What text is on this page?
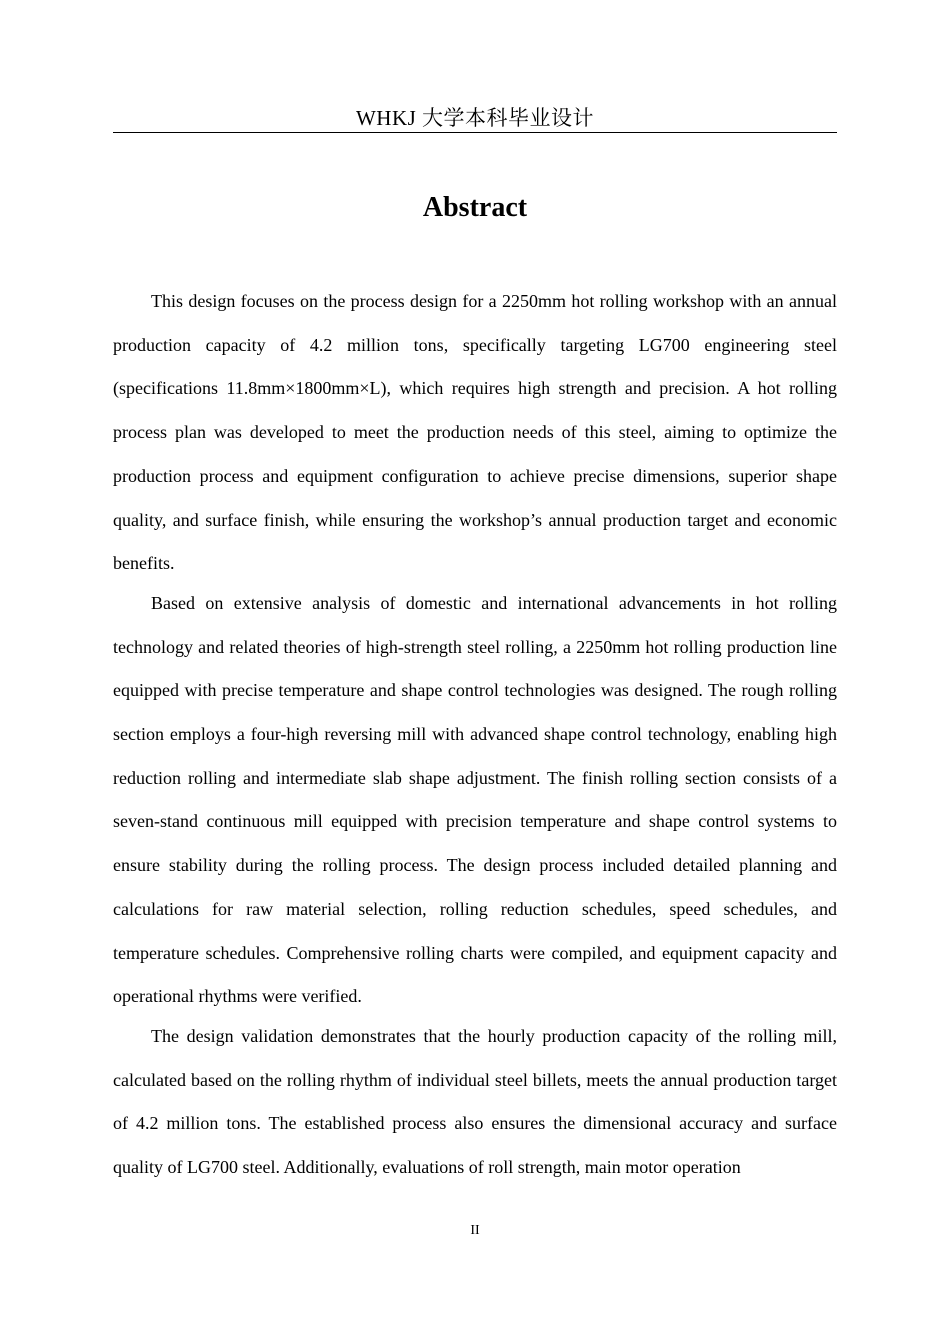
WHKJ 大学本科毕业设计
Abstract

This design focuses on the process design for a 2250mm hot rolling workshop with an annual production capacity of 4.2 million tons, specifically targeting LG700 engineering steel (specifications 11.8mm×1800mm×L), which requires high strength and precision. A hot rolling process plan was developed to meet the production needs of this steel, aiming to optimize the production process and equipment configuration to achieve precise dimensions, superior shape quality, and surface finish, while ensuring the workshop’s annual production target and economic benefits.

Based on extensive analysis of domestic and international advancements in hot rolling technology and related theories of high-strength steel rolling, a 2250mm hot rolling production line equipped with precise temperature and shape control technologies was designed. The rough rolling section employs a four-high reversing mill with advanced shape control technology, enabling high reduction rolling and intermediate slab shape adjustment. The finish rolling section consists of a seven-stand continuous mill equipped with precision temperature and shape control systems to ensure stability during the rolling process. The design process included detailed planning and calculations for raw material selection, rolling reduction schedules, speed schedules, and temperature schedules. Comprehensive rolling charts were compiled, and equipment capacity and operational rhythms were verified.

The design validation demonstrates that the hourly production capacity of the rolling mill, calculated based on the rolling rhythm of individual steel billets, meets the annual production target of 4.2 million tons. The established process also ensures the dimensional accuracy and surface quality of LG700 steel. Additionally, evaluations of roll strength, main motor operation

II
